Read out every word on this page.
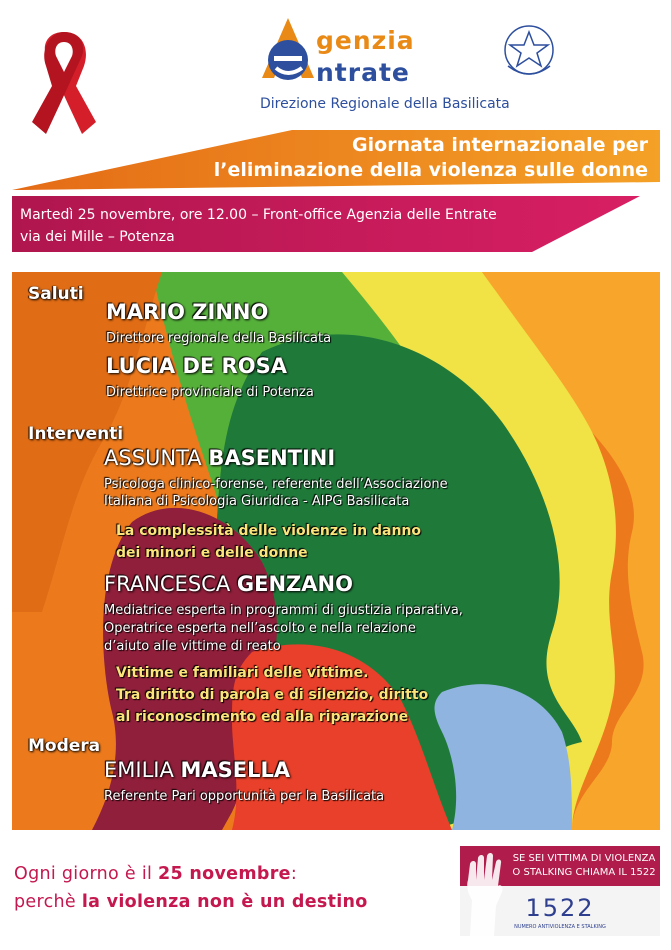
genzia
ntrate
Direzione Regionale della Basilicata
Giornata internazionale per
l’eliminazione della violenza sulle donne
Martedì 25 novembre, ore 12.00 – Front-office Agenzia delle Entrate
via dei Mille – Potenza
Saluti
MARIO ZINNO
Direttore regionale della Basilicata
LUCIA DE ROSA
Direttrice provinciale di Potenza
Interventi
ASSUNTA BASENTINI
Psicologa clinico-forense, referente dell’Associazione
Italiana di Psicologia Giuridica - AIPG Basilicata
La complessità delle violenze in danno
dei minori e delle donne
FRANCESCA GENZANO
Mediatrice esperta in programmi di giustizia riparativa,
Operatrice esperta nell’ascolto e nella relazione
d’aiuto alle vittime di reato
Vittime e familiari delle vittime.
Tra diritto di parola e di silenzio, diritto
al riconoscimento ed alla riparazione
Modera
EMILIA MASELLA
Referente Pari opportunità per la Basilicata
Ogni giorno è il 25 novembre:
perchè la violenza non è un destino
SE SEI VITTIMA DI VIOLENZA
O STALKING CHIAMA IL 1522
1522
NUMERO ANTIVIOLENZA E STALKING
